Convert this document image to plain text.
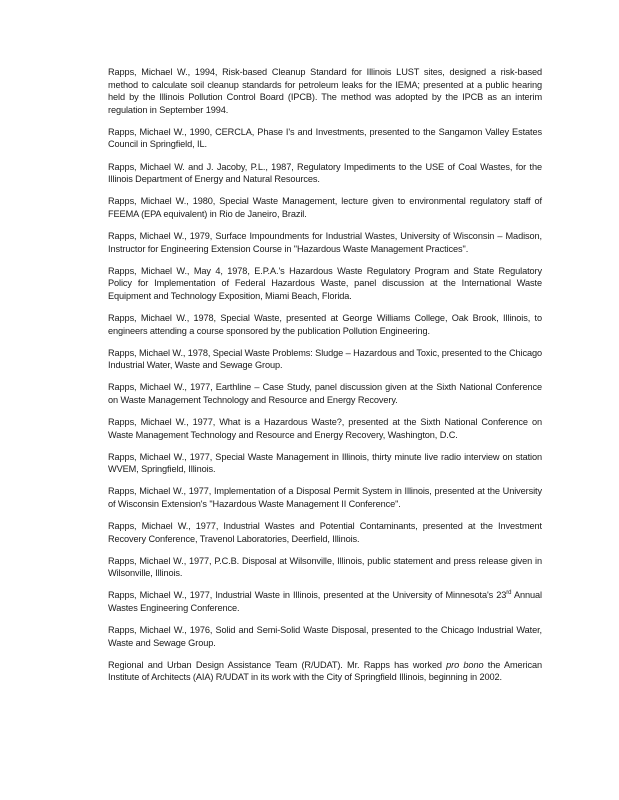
Rapps, Michael W., 1994, Risk-based Cleanup Standard for Illinois LUST sites, designed a risk-based method to calculate soil cleanup standards for petroleum leaks for the IEMA; presented at a public hearing held by the Illinois Pollution Control Board (IPCB). The method was adopted by the IPCB as an interim regulation in September 1994.

Rapps, Michael W., 1990, CERCLA, Phase I's and Investments, presented to the Sangamon Valley Estates Council in Springfield, IL.

Rapps, Michael W. and J. Jacoby, P.L., 1987, Regulatory Impediments to the USE of Coal Wastes, for the Illinois Department of Energy and Natural Resources.

Rapps, Michael W., 1980, Special Waste Management, lecture given to environmental regulatory staff of FEEMA (EPA equivalent) in Rio de Janeiro, Brazil.

Rapps, Michael W., 1979, Surface Impoundments for Industrial Wastes, University of Wisconsin – Madison, Instructor for Engineering Extension Course in "Hazardous Waste Management Practices".

Rapps, Michael W., May 4, 1978, E.P.A.'s Hazardous Waste Regulatory Program and State Regulatory Policy for Implementation of Federal Hazardous Waste, panel discussion at the International Waste Equipment and Technology Exposition, Miami Beach, Florida.

Rapps, Michael W., 1978, Special Waste, presented at George Williams College, Oak Brook, Illinois, to engineers attending a course sponsored by the publication Pollution Engineering.

Rapps, Michael W., 1978, Special Waste Problems: Sludge – Hazardous and Toxic, presented to the Chicago Industrial Water, Waste and Sewage Group.

Rapps, Michael W., 1977, Earthline – Case Study, panel discussion given at the Sixth National Conference on Waste Management Technology and Resource and Energy Recovery.

Rapps, Michael W., 1977, What is a Hazardous Waste?, presented at the Sixth National Conference on Waste Management Technology and Resource and Energy Recovery, Washington, D.C.

Rapps, Michael W., 1977, Special Waste Management in Illinois, thirty minute live radio interview on station WVEM, Springfield, Illinois.

Rapps, Michael W., 1977, Implementation of a Disposal Permit System in Illinois, presented at the University of Wisconsin Extension's "Hazardous Waste Management II Conference".

Rapps, Michael W., 1977, Industrial Wastes and Potential Contaminants, presented at the Investment Recovery Conference, Travenol Laboratories, Deerfield, Illinois.

Rapps, Michael W., 1977, P.C.B. Disposal at Wilsonville, Illinois, public statement and press release given in Wilsonville, Illinois.

Rapps, Michael W., 1977, Industrial Waste in Illinois, presented at the University of Minnesota's 23rd Annual Wastes Engineering Conference.

Rapps, Michael W., 1976, Solid and Semi-Solid Waste Disposal, presented to the Chicago Industrial Water, Waste and Sewage Group.

Regional and Urban Design Assistance Team (R/UDAT). Mr. Rapps has worked pro bono the American Institute of Architects (AIA) R/UDAT in its work with the City of Springfield Illinois, beginning in 2002.
